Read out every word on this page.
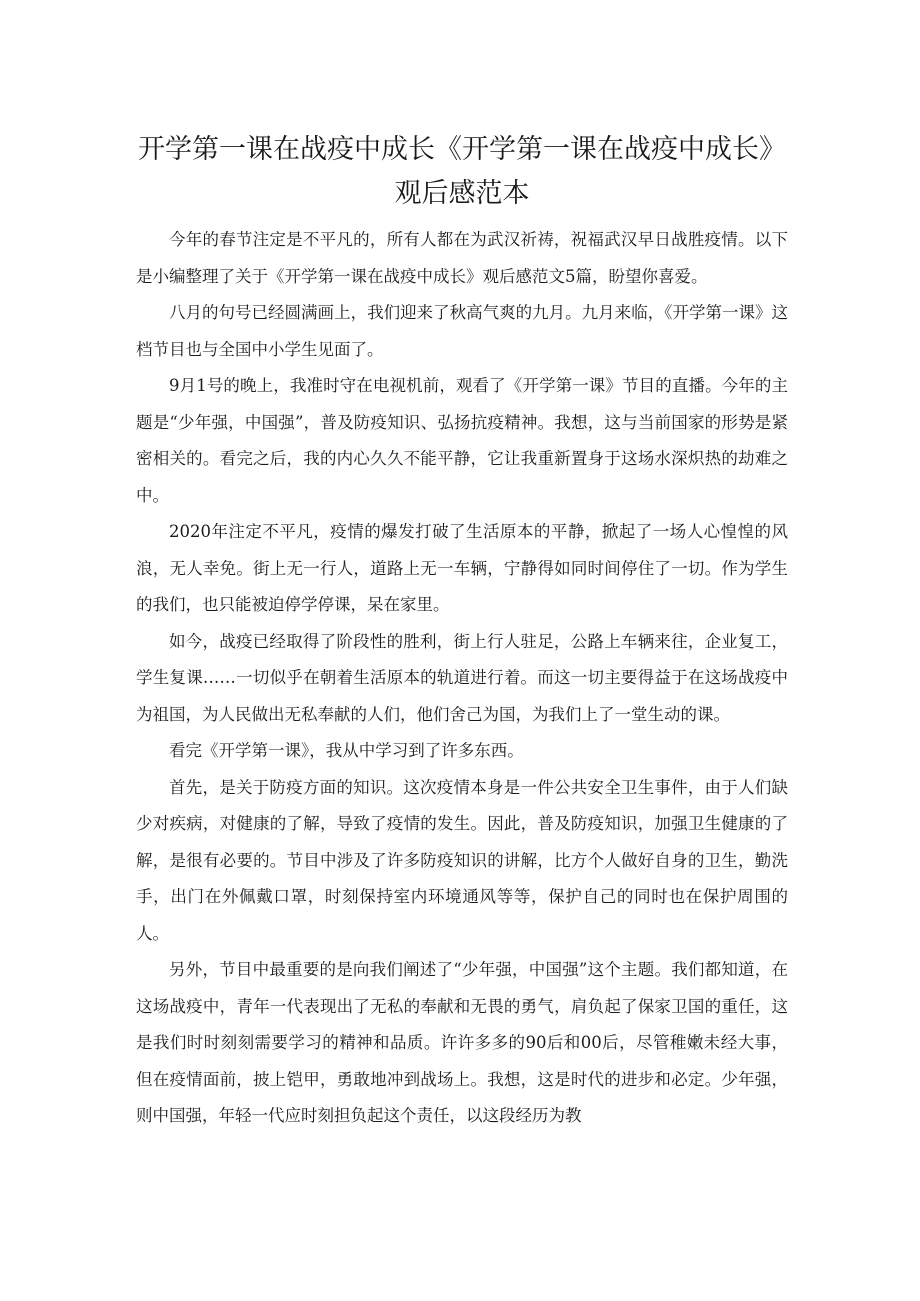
开学第一课在战疫中成长《开学第一课在战疫中成长》观后感范本

今年的春节注定是不平凡的，所有人都在为武汉祈祷，祝福武汉早日战胜疫情。以下是小编整理了关于《开学第一课在战疫中成长》观后感范文5篇，盼望你喜爱。

八月的句号已经圆满画上，我们迎来了秋高气爽的九月。九月来临，《开学第一课》这档节目也与全国中小学生见面了。

9月1号的晚上，我准时守在电视机前，观看了《开学第一课》节目的直播。今年的主题是“少年强，中国强”，普及防疫知识、弘扬抗疫精神。我想，这与当前国家的形势是紧密相关的。看完之后，我的内心久久不能平静，它让我重新置身于这场水深炽热的劫难之中。

2020年注定不平凡，疫情的爆发打破了生活原本的平静，掀起了一场人心惶惶的风浪，无人幸免。街上无一行人，道路上无一车辆，宁静得如同时间停住了一切。作为学生的我们，也只能被迫停学停课，呆在家里。

如今，战疫已经取得了阶段性的胜利，街上行人驻足，公路上车辆来往，企业复工，学生复课……一切似乎在朝着生活原本的轨道进行着。而这一切主要得益于在这场战疫中为祖国，为人民做出无私奉献的人们，他们舍己为国，为我们上了一堂生动的课。

看完《开学第一课》，我从中学习到了许多东西。

首先，是关于防疫方面的知识。这次疫情本身是一件公共安全卫生事件，由于人们缺少对疾病，对健康的了解，导致了疫情的发生。因此，普及防疫知识，加强卫生健康的了解，是很有必要的。节目中涉及了许多防疫知识的讲解，比方个人做好自身的卫生，勤洗手，出门在外佩戴口罩，时刻保持室内环境通风等等，保护自己的同时也在保护周围的人。

另外，节目中最重要的是向我们阐述了“少年强，中国强”这个主题。我们都知道，在这场战疫中，青年一代表现出了无私的奉献和无畏的勇气，肩负起了保家卫国的重任，这是我们时时刻刻需要学习的精神和品质。许许多多的90后和00后，尽管稚嫩未经大事，但在疫情面前，披上铠甲，勇敢地冲到战场上。我想，这是时代的进步和必定。少年强，则中国强，年轻一代应时刻担负起这个责任，以这段经历为教
